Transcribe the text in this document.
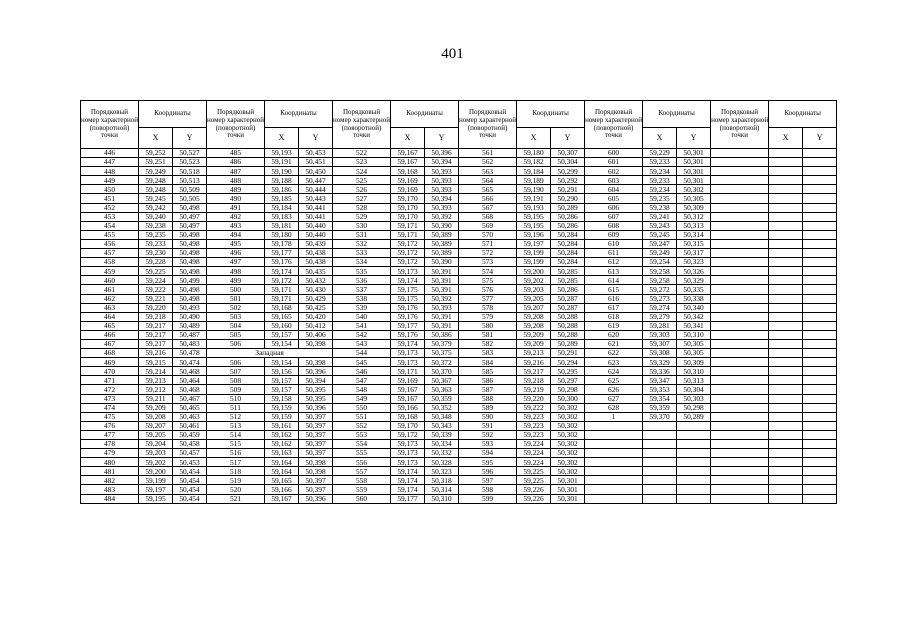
401
Порядковый номер характерной (поворотной) точки	Координаты		Порядковый номер характерной (поворотной) точки	Координаты		Порядковый номер характерной (поворотной) точки	Координаты		Порядковый номер характерной (поворотной) точки	Координаты		Порядковый номер характерной (поворотной) точки	Координаты		Порядковый номер характерной (поворотной) точки	Координаты	
	X	Y		X	Y		X	Y		X	Y		X	Y		X	Y
446	59,252	50,527	485	59,193	50,453	522	59,167	50,396	561	59,180	50,307	600	59,229	50,301			
447	59,251	50,523	486	59,191	50,451	523	59,167	50,394	562	59,182	50,304	601	59,233	50,301			
448	59,249	50,518	487	59,190	50,450	524	59,168	50,393	563	59,184	50,299	602	59,234	50,301			
449	59,248	50,513	488	59,188	50,447	525	59,169	50,393	564	59,189	50,292	603	59,233	50,301			
450	59,248	50,509	489	59,186	50,444	526	59,169	50,393	565	59,190	50,291	604	59,234	50,302			
451	59,245	50,505	490	59,185	50,443	527	59,170	50,394	566	59,191	50,290	605	59,235	50,305			
452	59,242	50,498	491	59,184	50,441	528	59,170	50,393	567	59,193	50,289	606	59,238	50,309			
453	59,240	50,497	492	59,183	50,441	529	59,170	50,392	568	59,195	50,286	607	59,241	50,312			
454	59,238	50,497	493	59,181	50,440	530	59,171	50,390	569	59,195	50,286	608	59,243	50,313			
455	59,235	50,498	494	59,180	50,440	531	59,171	50,389	570	59,196	50,284	609	59,245	50,314			
456	59,233	50,498	495	59,178	50,439	532	59,172	50,389	571	59,197	50,284	610	59,247	50,315			
457	59,230	50,498	496	59,177	50,438	533	59,172	50,389	572	59,199	50,284	611	59,249	50,317			
458	59,228	50,498	497	59,176	50,438	534	59,172	50,390	573	59,199	50,284	612	59,254	50,323			
459	59,225	50,498	498	59,174	50,435	535	59,173	50,391	574	59,200	50,285	613	59,258	50,326			
460	59,224	50,499	499	59,172	50,432	536	59,174	50,391	575	59,202	50,285	614	59,258	50,329			
461	59,222	50,498	500	59,171	50,430	537	59,175	50,391	576	59,203	50,286	615	59,272	50,335			
462	59,221	50,498	501	59,171	50,429	538	59,175	50,392	577	59,205	50,287	616	59,273	50,338			
463	59,220	50,493	502	59,168	50,425	539	59,176	50,393	578	59,207	50,287	617	59,274	50,340			
464	59,218	50,490	503	59,165	50,420	540	59,176	50,391	579	59,208	50,288	618	59,279	50,342			
465	59,217	50,489	504	59,160	50,412	541	59,177	50,391	580	59,208	50,288	619	59,281	50,341			
466	59,217	50,487	505	59,157	50,406	542	59,176	50,386	581	59,209	50,288	620	59,303	50,310			
467	59,217	50,483	506	59,154	50,398	543	59,174	50,379	582	59,209	50,289	621	59,307	50,305			
468	59,216	50,478	Западная			544	59,173	50,375	583	59,213	50,291	622	59,308	50,305			
469	59,215	50,474	506	59,154	50,398	545	59,173	50,372	584	59,216	50,294	623	59,329	50,309			
470	59,214	50,468	507	59,156	50,396	546	59,171	50,370	585	59,217	50,295	624	59,336	50,310			
471	59,213	50,464	508	59,157	50,394	547	59,169	50,367	586	59,218	50,297	625	59,347	50,313			
472	59,212	50,468	509	59,157	50,395	548	59,167	50,363	587	59,219	50,298	626	59,353	50,304			
473	59,211	50,467	510	59,158	50,395	549	59,167	50,359	588	59,220	50,300	627	59,354	50,303			
474	59,209	50,465	511	59,159	50,396	550	59,166	50,352	589	59,222	50,302	628	59,359	50,298			
475	59,208	50,463	512	59,159	50,397	551	59,168	50,348	590	59,223	50,302	1	59,370	50,289			
476	59,207	50,461	513	59,161	50,397	552	59,170	50,343	591	59,223	50,302						
477	59,205	50,459	514	59,162	50,397	553	59,172	50,339	592	59,223	50,302						
478	59,204	50,458	515	59,162	50,397	554	59,173	50,334	593	59,224	50,302						
479	59,203	50,457	516	59,163	50,397	555	59,173	50,332	594	59,224	50,302						
480	59,202	50,453	517	59,164	50,398	556	59,173	50,328	595	59,224	50,302						
481	59,200	50,454	518	59,164	50,398	557	59,174	50,323	596	59,225	50,302						
482	59,199	50,454	519	59,165	50,397	558	59,174	50,318	597	59,225	50,301						
483	59,197	50,454	520	59,166	50,397	559	59,174	50,314	598	59,226	50,301						
484	59,195	50,454	521	59,167	50,396	560	59,177	50,310	599	59,226	50,301						
